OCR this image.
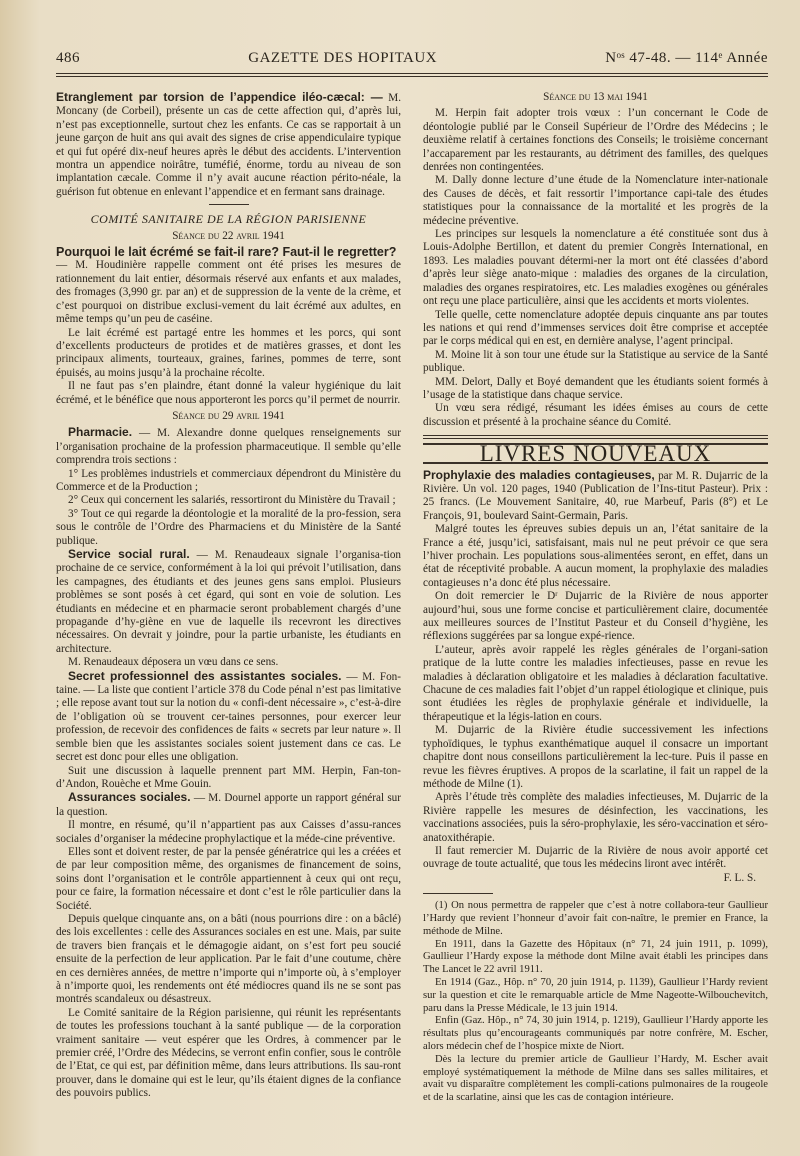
486	GAZETTE DES HOPITAUX	Nᵒˢ 47-48. — 114ᵉ Année

Etranglement par torsion de l’appendice iléo-cæcal: — M. Moncany (de Corbeil), présente un cas de cette affection qui, d’après lui, n’est pas exceptionnelle, surtout chez les enfants. Ce cas se rapportait à un jeune garçon de huit ans qui avait des signes de crise appendiculaire typique et qui fut opéré dix-neuf heures après le début des accidents. L’intervention montra un appendice noirâtre, tuméfié, énorme, tordu au niveau de son implantation cæcale. Comme il n’y avait aucune réaction périto-néale, la guérison fut obtenue en enlevant l’appendice et en fermant sans drainage.

COMITÉ SANITAIRE DE LA RÉGION PARISIENNE

Séance du 22 avril 1941

Pourquoi le lait écrémé se fait-il rare? Faut-il le regretter?

— M. Houdinière rappelle comment ont été prises les mesures de rationnement du lait entier, désormais réservé aux enfants et aux malades, des fromages (3,990 gr. par an) et de suppression de la vente de la crème, et c’est pourquoi on distribue exclusi-vement du lait écrémé aux adultes, en même temps qu’un peu de caséine.

Le lait écrémé est partagé entre les hommes et les porcs, qui sont d’excellents producteurs de protides et de matières grasses, et dont les principaux aliments, tourteaux, graines, farines, pommes de terre, sont épuisés, au moins jusqu’à la prochaine récolte.

Il ne faut pas s’en plaindre, étant donné la valeur hygiénique du lait écrémé, et le bénéfice que nous apporteront les porcs qu’il permet de nourrir.

Séance du 29 avril 1941

Pharmacie. — M. Alexandre donne quelques renseignements sur l’organisation prochaine de la profession pharmaceutique. Il semble qu’elle comprendra trois sections :

1° Les problèmes industriels et commerciaux dépendront du Ministère du Commerce et de la Production ;

2° Ceux qui concernent les salariés, ressortiront du Ministère du Travail ;

3° Tout ce qui regarde la déontologie et la moralité de la pro-fession, sera sous le contrôle de l’Ordre des Pharmaciens et du Ministère de la Santé publique.

Service social rural. — M. Renaudeaux signale l’organisa-tion prochaine de ce service, conformément à la loi qui prévoit l’utilisation, dans les campagnes, des étudiants et des jeunes gens sans emploi. Plusieurs problèmes se sont posés à cet égard, qui sont en voie de solution. Les étudiants en médecine et en pharmacie seront probablement chargés d’une propagande d’hy-giène en vue de laquelle ils recevront les directives nécessaires. On devrait y joindre, pour la partie urbaniste, les étudiants en architecture.

M. Renaudeaux déposera un vœu dans ce sens.

Secret professionnel des assistantes sociales. — M. Fon-taine. — La liste que contient l’article 378 du Code pénal n’est pas limitative ; elle repose avant tout sur la notion du « confi-dent nécessaire », c’est-à-dire de l’obligation où se trouvent cer-taines personnes, pour exercer leur profession, de recevoir des confidences de faits « secrets par leur nature ». Il semble bien que les assistantes sociales soient justement dans ce cas. Le secret est donc pour elles une obligation.

Suit une discussion à laquelle prennent part MM. Herpin, Fan-ton-d’Andon, Rouèche et Mme Gouin.

Assurances sociales. — M. Dournel apporte un rapport général sur la question.

Il montre, en résumé, qu’il n’appartient pas aux Caisses d’assu-rances sociales d’organiser la médecine prophylactique et la méde-cine préventive.

Elles sont et doivent rester, de par la pensée génératrice qui les a créées et de par leur composition même, des organismes de financement de soins, soins dont l’organisation et le contrôle appartiennent à ceux qui ont reçu, pour ce faire, la formation nécessaire et dont c’est le rôle particulier dans la Société.

Depuis quelque cinquante ans, on a bâti (nous pourrions dire : on a bâclé) des lois excellentes : celle des Assurances sociales en est une. Mais, par suite de travers bien français et le démagogie aidant, on s’est fort peu soucié ensuite de la perfection de leur application. Par le fait d’une coutume, chère en ces dernières années, de mettre n’importe qui n’importe où, à s’employer à n’importe quoi, les rendements ont été médiocres quand ils ne se sont pas montrés scandaleux ou désastreux.

Le Comité sanitaire de la Région parisienne, qui réunit les représentants de toutes les professions touchant à la santé publique — de la corporation vraiment sanitaire — veut espérer que les Ordres, à commencer par le premier créé, l’Ordre des Médecins, se verront enfin confier, sous le contrôle de l’Etat, ce qui est, par définition même, dans leurs attributions. Ils sau-ront prouver, dans le domaine qui est le leur, qu’ils étaient dignes de la confiance des pouvoirs publics.

Séance du 13 mai 1941

M. Herpin fait adopter trois vœux : l’un concernant le Code de déontologie publié par le Conseil Supérieur de l’Ordre des Médecins ; le deuxième relatif à certaines fonctions des Conseils; le troisième concernant l’accaparement par les restaurants, au détriment des familles, des quelques denrées non contingentées.

M. Dally donne lecture d’une étude de la Nomenclature inter-nationale des Causes de décès, et fait ressortir l’importance capi-tale des études statistiques pour la connaissance de la mortalité et les progrès de la médecine préventive.

Les principes sur lesquels la nomenclature a été constituée sont dus à Louis-Adolphe Bertillon, et datent du premier Congrès International, en 1893. Les maladies pouvant détermi-ner la mort ont été classées d’abord d’après leur siège anato-mique : maladies des organes de la circulation, maladies des organes respiratoires, etc. Les maladies exogènes ou générales ont reçu une place particulière, ainsi que les accidents et morts violentes.

Telle quelle, cette nomenclature adoptée depuis cinquante ans par toutes les nations et qui rend d’immenses services doit être comprise et acceptée par le corps médical qui en est, en dernière analyse, l’agent principal.

M. Moine lit à son tour une étude sur la Statistique au service de la Santé publique.

MM. Delort, Dally et Boyé demandent que les étudiants soient formés à l’usage de la statistique dans chaque service.

Un vœu sera rédigé, résumant les idées émises au cours de cette discussion et présenté à la prochaine séance du Comité.

LIVRES NOUVEAUX

Prophylaxie des maladies contagieuses, par M. R. Dujarric de la Rivière. Un vol. 120 pages, 1940 (Publication de l’Ins-titut Pasteur). Prix : 25 francs. (Le Mouvement Sanitaire, 40, rue Marbeuf, Paris (8°) et Le François, 91, boulevard Saint-Germain, Paris.

Malgré toutes les épreuves subies depuis un an, l’état sanitaire de la France a été, jusqu’ici, satisfaisant, mais nul ne peut prévoir ce que sera l’hiver prochain. Les populations sous-alimentées seront, en effet, dans un état de réceptivité probable. A aucun moment, la prophylaxie des maladies contagieuses n’a donc été plus nécessaire.

On doit remercier le Dʳ Dujarric de la Rivière de nous apporter aujourd’hui, sous une forme concise et particulièrement claire, documentée aux meilleures sources de l’Institut Pasteur et du Conseil d’hygiène, les réflexions suggérées par sa longue expé-rience.

L’auteur, après avoir rappelé les règles générales de l’organi-sation pratique de la lutte contre les maladies infectieuses, passe en revue les maladies à déclaration obligatoire et les maladies à déclaration facultative. Chacune de ces maladies fait l’objet d’un rappel étiologique et clinique, puis sont étudiées les règles de prophylaxie générale et individuelle, la thérapeutique et la légis-lation en cours.

M. Dujarric de la Rivière étudie successivement les infections typhoïdiques, le typhus exanthématique auquel il consacre un important chapitre dont nous conseillons particulièrement la lec-ture. Puis il passe en revue les fièvres éruptives. A propos de la scarlatine, il fait un rappel de la méthode de Milne (1).

Après l’étude très complète des maladies infectieuses, M. Dujarric de la Rivière rappelle les mesures de désinfection, les vaccinations, les vaccinations associées, puis la séro-prophylaxie, les séro-vaccination et séro-anatoxithérapie.

Il faut remercier M. Dujarric de la Rivière de nous avoir apporté cet ouvrage de toute actualité, que tous les médecins liront avec intérêt.

F. L. S.

(1) On nous permettra de rappeler que c’est à notre collabora-teur Gaullieur l’Hardy que revient l’honneur d’avoir fait con-naître, le premier en France, la méthode de Milne.

En 1911, dans la Gazette des Hôpitaux (n° 71, 24 juin 1911, p. 1099), Gaullieur l’Hardy expose la méthode dont Milne avait établi les principes dans The Lancet le 22 avril 1911.

En 1914 (Gaz., Hôp. n° 70, 20 juin 1914, p. 1139), Gaullieur l’Hardy revient sur la question et cite le remarquable article de Mme Nageotte-Wilbouchevitch, paru dans la Presse Médicale, le 13 juin 1914.

Enfin (Gaz. Hôp., n° 74, 30 juin 1914, p. 1219), Gaullieur l’Hardy apporte les résultats plus qu’encourageants communiqués par notre confrère, M. Escher, alors médecin chef de l’hospice mixte de Niort.

Dès la lecture du premier article de Gaullieur l’Hardy, M. Escher avait employé systématiquement la méthode de Milne dans ses salles militaires, et avait vu disparaître complètement les compli-cations pulmonaires de la rougeole et de la scarlatine, ainsi que les cas de contagion intérieure.
